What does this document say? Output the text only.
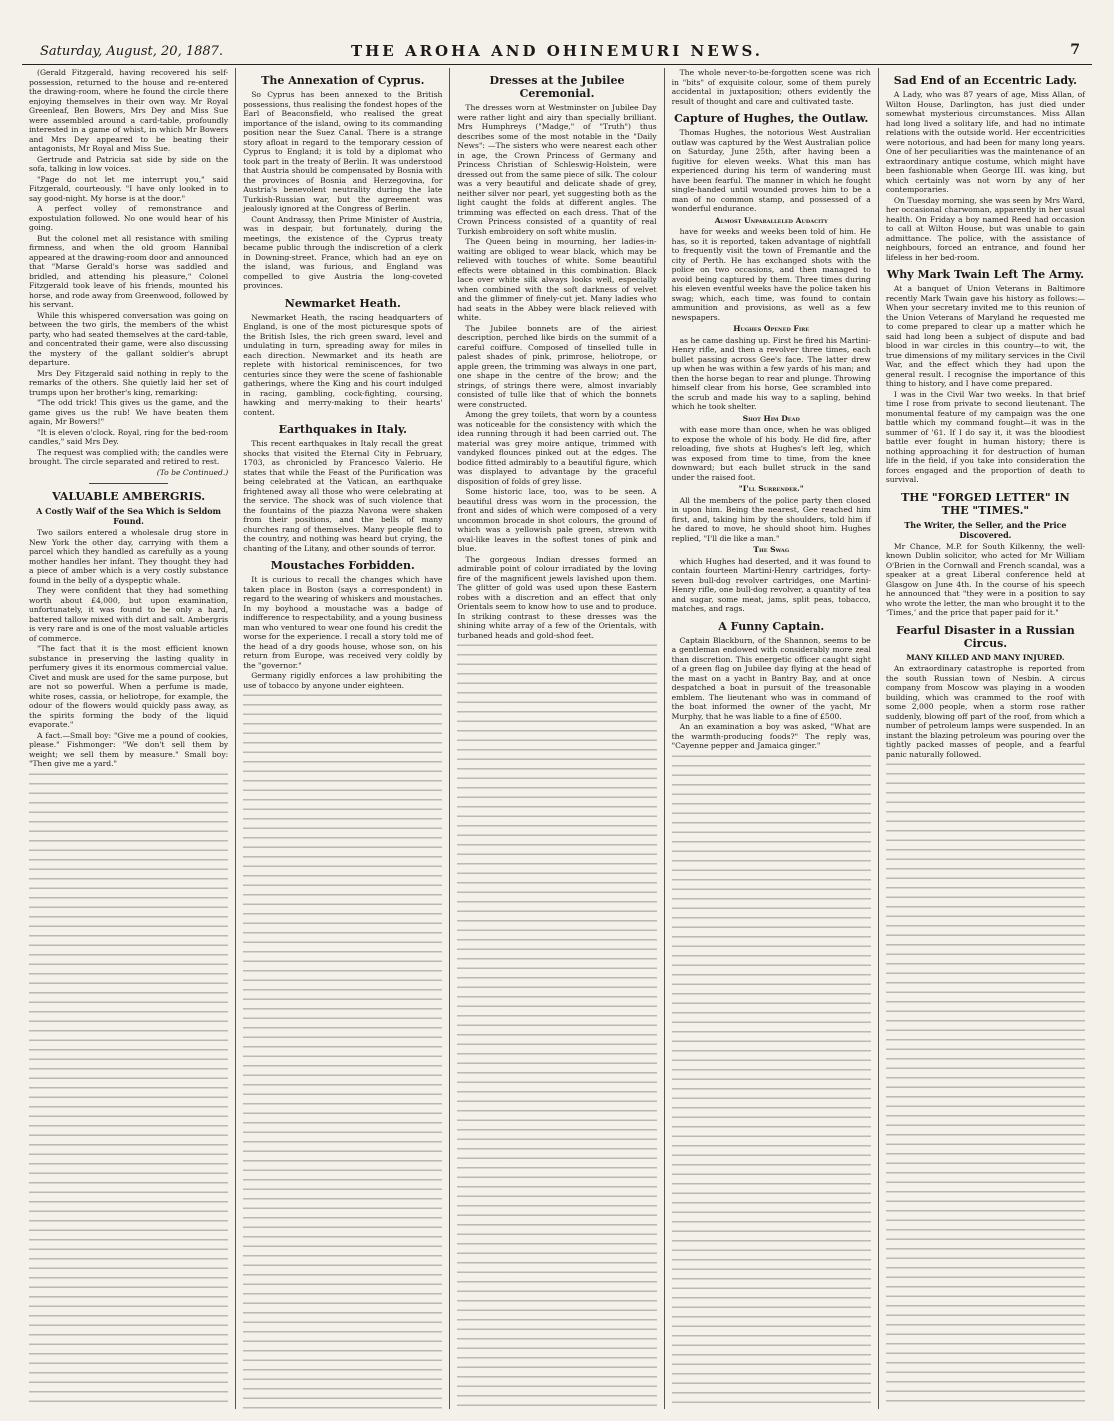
Saturday, August, 20, 1887.	THE AROHA AND OHINEMURI NEWS.	7

(Gerald Fitzgerald, having recovered his self-possession, returned to the house and re-entered the drawing-room, where he found the circle there enjoying themselves in their own way. Mr Royal Greenleaf, Ben Bowers, Mrs Dey and Miss Sue were assembled around a card-table, profoundly interested in a game of whist, in which Mr Bowers and Mrs Dey appeared to be beating their antagonists, Mr Royal and Miss Sue.

Gertrude and Patricia sat side by side on the sofa, talking in low voices.

"Page do not let me interrupt you," said Fitzgerald, courteously. "I have only looked in to say good-night. My horse is at the door."

A perfect volley of remonstrance and expostulation followed. No one would hear of his going.

But the colonel met all resistance with smiling firmness, and when the old groom Hannibal appeared at the drawing-room door and announced that "Marse Gerald's horse was saddled and bridled, and attending his pleasure," Colonel Fitzgerald took leave of his friends, mounted his horse, and rode away from Greenwood, followed by his servant.

While this whispered conversation was going on between the two girls, the members of the whist party, who had seated themselves at the card-table, and concentrated their game, were also discussing the mystery of the gallant soldier's abrupt departure.

Mrs Dey Fitzgerald said nothing in reply to the remarks of the others. She quietly laid her set of trumps upon her brother's king, remarking:

"The odd trick! This gives us the game, and the game gives us the rub! We have beaten them again, Mr Bowers!"

"It is eleven o'clock. Royal, ring for the bed-room candles," said Mrs Dey.

The request was complied with; the candles were brought. The circle separated and retired to rest.

(To be Continued.)

VALUABLE AMBERGRIS.
A Costly Waif of the Sea Which is Seldom Found.

Two sailors entered a wholesale drug store in New York the other day, carrying with them a parcel which they handled as carefully as a young mother handles her infant. They thought they had a piece of amber which is a very costly substance found in the belly of a dyspeptic whale.

They were confident that they had something worth about £4,000, but upon examination, unfortunately, it was found to be only a hard, battered tallow mixed with dirt and salt. Ambergris is very rare and is one of the most valuable articles of commerce.

"The fact that it is the most efficient known substance in preserving the lasting quality in perfumery gives it its enormous commercial value. Civet and musk are used for the same purpose, but are not so powerful. When a perfume is made, white roses, cassia, or heliotrope, for example, the odour of the flowers would quickly pass away, as the spirits forming the body of the liquid evaporate."

A fact.—Small boy: "Give me a pound of cookies, please." Fishmonger: "We don't sell them by weight; we sell them by measure." Small boy: "Then give me a yard."

The Annexation of Cyprus.

So Cyprus has been annexed to the British possessions, thus realising the fondest hopes of the Earl of Beaconsfield, who realised the great importance of the island, owing to its commanding position near the Suez Canal. There is a strange story afloat in regard to the temporary cession of Cyprus to England; it is told by a diplomat who took part in the treaty of Berlin. It was understood that Austria should be compensated by Bosnia with the provinces of Bosnia and Herzegovina, for Austria's benevolent neutrality during the late Turkish-Russian war, but the agreement was jealously ignored at the Congress of Berlin.

Count Andrassy, then Prime Minister of Austria, was in despair, but fortunately, during the meetings, the existence of the Cyprus treaty became public through the indiscretion of a clerk in Downing-street. France, which had an eye on the island, was furious, and England was compelled to give Austria the long-coveted provinces.

Newmarket Heath.

Newmarket Heath, the racing headquarters of England, is one of the most picturesque spots of the British Isles, the rich green sward, level and undulating in turn, spreading away for miles in each direction. Newmarket and its heath are replete with historical reminiscences, for two centuries since they were the scene of fashionable gatherings, where the King and his court indulged in racing, gambling, cock-fighting, coursing, hawking and merry-making to their hearts' content.

Earthquakes in Italy.

This recent earthquakes in Italy recall the great shocks that visited the Eternal City in February, 1703, as chronicled by Francesco Valerio. He states that while the Feast of the Purification was being celebrated at the Vatican, an earthquake frightened away all those who were celebrating at the service. The shock was of such violence that the fountains of the piazza Navona were shaken from their positions, and the bells of many churches rang of themselves. Many people fled to the country, and nothing was heard but crying, the chanting of the Litany, and other sounds of terror.

Moustaches Forbidden.

It is curious to recall the changes which have taken place in Boston (says a correspondent) in regard to the wearing of whiskers and moustaches. In my boyhood a moustache was a badge of indifference to respectability, and a young business man who ventured to wear one found his credit the worse for the experience. I recall a story told me of the head of a dry goods house, whose son, on his return from Europe, was received very coldly by the "governor."

Germany rigidly enforces a law prohibiting the use of tobacco by anyone under eighteen.

Dresses at the Jubilee Ceremonial.

The dresses worn at Westminster on Jubilee Day were rather light and airy than specially brilliant. Mrs Humphreys ("Madge," of "Truth") thus describes some of the most notable in the "Daily News": —The sisters who were nearest each other in age, the Crown Princess of Germany and Princess Christian of Schleswig-Holstein, were dressed out from the same piece of silk. The colour was a very beautiful and delicate shade of grey, neither silver nor pearl, yet suggesting both as the light caught the folds at different angles. The trimming was effected on each dress. That of the Crown Princess consisted of a quantity of real Turkish embroidery on soft white muslin.

The Queen being in mourning, her ladies-in-waiting are obliged to wear black, which may be relieved with touches of white. Some beautiful effects were obtained in this combination. Black lace over white silk always looks well, especially when combined with the soft darkness of velvet and the glimmer of finely-cut jet. Many ladies who had seats in the Abbey were black relieved with white.

The Jubilee bonnets are of the airiest description, perched like birds on the summit of a careful coiffure. Composed of tinselled tulle in palest shades of pink, primrose, heliotrope, or apple green, the trimming was always in one part, one shape in the centre of the brow; and the strings, of strings there were, almost invariably consisted of tulle like that of which the bonnets were constructed.

Among the grey toilets, that worn by a countess was noticeable for the consistency with which the idea running through it had been carried out. The material was grey moire antique, trimmed with vandyked flounces pinked out at the edges. The bodice fitted admirably to a beautiful figure, which was displayed to advantage by the graceful disposition of folds of grey lisse.

Some historic lace, too, was to be seen. A beautiful dress was worn in the procession, the front and sides of which were composed of a very uncommon brocade in shot colours, the ground of which was a yellowish pale green, strewn with oval-like leaves in the softest tones of pink and blue.

The gorgeous Indian dresses formed an admirable point of colour irradiated by the loving fire of the magnificent jewels lavished upon them. The glitter of gold was used upon these Eastern robes with a discretion and an effect that only Orientals seem to know how to use and to produce. In striking contrast to these dresses was the shining white array of a few of the Orientals, with turbaned heads and gold-shod feet.

The whole never-to-be-forgotten scene was rich in "bits" of exquisite colour, some of them purely accidental in juxtaposition; others evidently the result of thought and care and cultivated taste.

Capture of Hughes, the Outlaw.

Thomas Hughes, the notorious West Australian outlaw was captured by the West Australian police on Saturday, June 25th, after having been a fugitive for eleven weeks. What this man has experienced during his term of wandering must have been fearful. The manner in which he fought single-handed until wounded proves him to be a man of no common stamp, and possessed of a wonderful endurance.

Almost Unparalleled Audacity

have for weeks and weeks been told of him. He has, so it is reported, taken advantage of nightfall to frequently visit the town of Fremantle and the city of Perth. He has exchanged shots with the police on two occasions, and then managed to avoid being captured by them. Three times during his eleven eventful weeks have the police taken his swag; which, each time, was found to contain ammunition and provisions, as well as a few newspapers.

Hughes Opened Fire

as he came dashing up. First he fired his Martini-Henry rifle, and then a revolver three times, each bullet passing across Gee's face. The latter drew up when he was within a few yards of his man; and then the horse began to rear and plunge. Throwing himself clear from his horse, Gee scrambled into the scrub and made his way to a sapling, behind which he took shelter.

Shot Him Dead

with ease more than once, when he was obliged to expose the whole of his body. He did fire, after reloading, five shots at Hughes's left leg, which was exposed from time to time, from the knee downward; but each bullet struck in the sand under the raised foot.

"I'll Surrender."

All the members of the police party then closed in upon him. Being the nearest, Gee reached him first, and, taking him by the shoulders, told him if he dared to move, he should shoot him. Hughes replied, "I'll die like a man."

The Swag

which Hughes had deserted, and it was found to contain fourteen Martini-Henry cartridges, forty-seven bull-dog revolver cartridges, one Martini-Henry rifle, one bull-dog revolver, a quantity of tea and sugar, some meat, jams, split peas, tobacco, matches, and rags.

A Funny Captain.

Captain Blackburn, of the Shannon, seems to be a gentleman endowed with considerably more zeal than discretion. This energetic officer caught sight of a green flag on Jubilee day flying at the head of the mast on a yacht in Bantry Bay, and at once despatched a boat in pursuit of the treasonable emblem. The lieutenant who was in command of the boat informed the owner of the yacht, Mr Murphy, that he was liable to a fine of £500.

An an examination a boy was asked, "What are the warmth-producing foods?" The reply was, "Cayenne pepper and Jamaica ginger."

Sad End of an Eccentric Lady.

A Lady, who was 87 years of age, Miss Allan, of Wilton House, Darlington, has just died under somewhat mysterious circumstances. Miss Allan had long lived a solitary life, and had no intimate relations with the outside world. Her eccentricities were notorious, and had been for many long years. One of her peculiarities was the maintenance of an extraordinary antique costume, which might have been fashionable when George III. was king, but which certainly was not worn by any of her contemporaries.

On Tuesday morning, she was seen by Mrs Ward, her occasional charwoman, apparently in her usual health. On Friday a boy named Reed had occasion to call at Wilton House, but was unable to gain admittance. The police, with the assistance of neighbours, forced an entrance, and found her lifeless in her bed-room.

Why Mark Twain Left The Army.

At a banquet of Union Veterans in Baltimore recently Mark Twain gave his history as follows:—When your secretary invited me to this reunion of the Union Veterans of Maryland he requested me to come prepared to clear up a matter which he said had long been a subject of dispute and bad blood in war circles in this country—to wit, the true dimensions of my military services in the Civil War, and the effect which they had upon the general result. I recognise the importance of this thing to history, and I have come prepared.

I was in the Civil War two weeks. In that brief time I rose from private to second lieutenant. The monumental feature of my campaign was the one battle which my command fought—it was in the summer of '61. If I do say it, it was the bloodiest battle ever fought in human history; there is nothing approaching it for destruction of human life in the field, if you take into consideration the forces engaged and the proportion of death to survival.

THE "FORGED LETTER" IN THE "TIMES."
The Writer, the Seller, and the Price Discovered.

Mr Chance, M.P. for South Kilkenny, the well-known Dublin solicitor, who acted for Mr William O'Brien in the Cornwall and French scandal, was a speaker at a great Liberal conference held at Glasgow on June 4th. In the course of his speech he announced that "they were in a position to say who wrote the letter, the man who brought it to the ‘Times,’ and the price that paper paid for it."

Fearful Disaster in a Russian Circus.
MANY KILLED AND MANY INJURED.

An extraordinary catastrophe is reported from the south Russian town of Nesbin. A circus company from Moscow was playing in a wooden building, which was crammed to the roof with some 2,000 people, when a storm rose rather suddenly, blowing off part of the roof, from which a number of petroleum lamps were suspended. In an instant the blazing petroleum was pouring over the tightly packed masses of people, and a fearful panic naturally followed.
